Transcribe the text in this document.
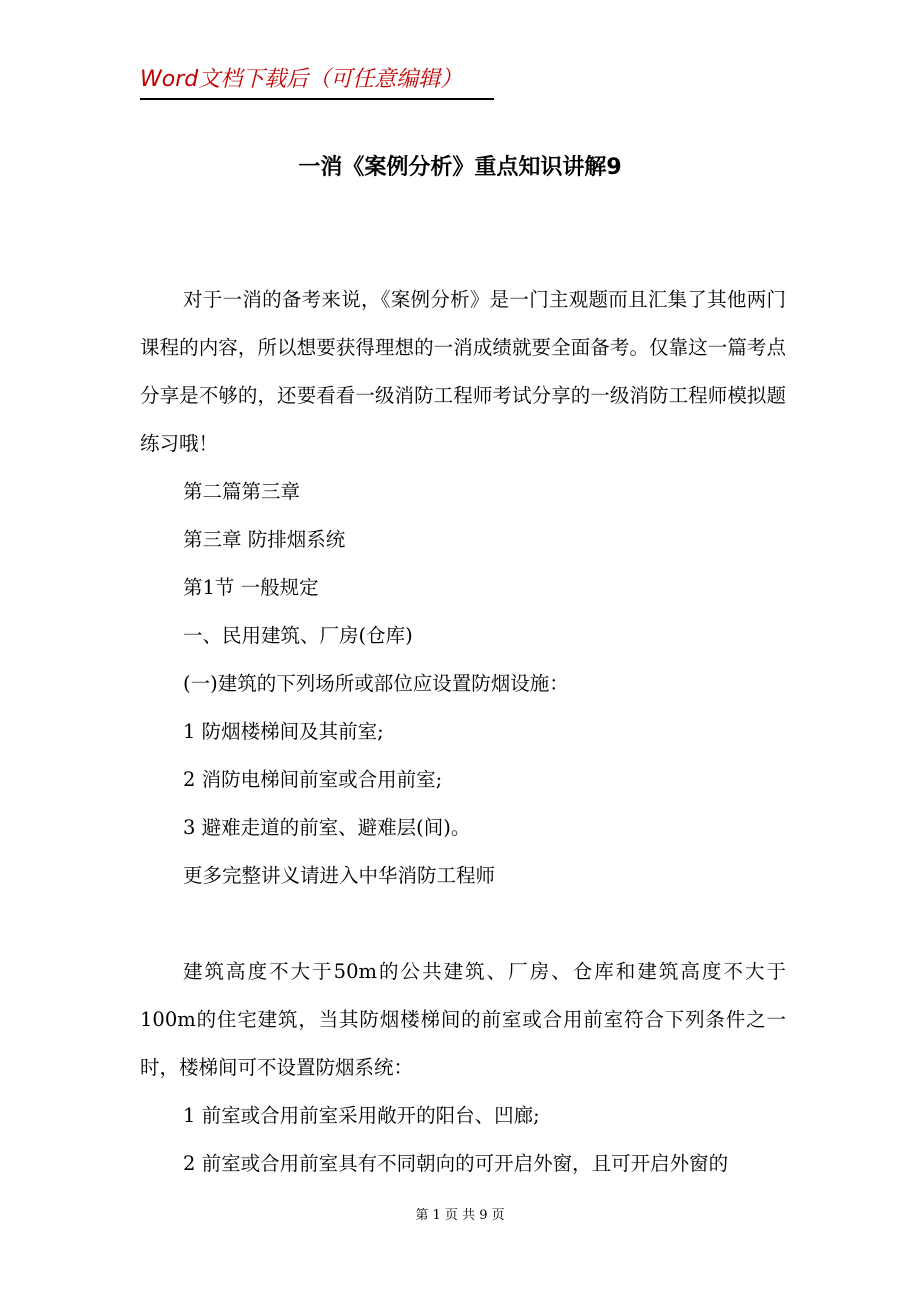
Word文档下载后（可任意编辑）
一消《案例分析》重点知识讲解9

对于一消的备考来说，《案例分析》是一门主观题而且汇集了其他两门课程的内容，所以想要获得理想的一消成绩就要全面备考。仅靠这一篇考点分享是不够的，还要看看一级消防工程师考试分享的一级消防工程师模拟题练习哦！

第二篇第三章

第三章 防排烟系统

第1节 一般规定

一、民用建筑、厂房(仓库)

(一)建筑的下列场所或部位应设置防烟设施：

1 防烟楼梯间及其前室;

2 消防电梯间前室或合用前室;

3 避难走道的前室、避难层(间)。

更多完整讲义请进入中华消防工程师

建筑高度不大于50m的公共建筑、厂房、仓库和建筑高度不大于100m的住宅建筑，当其防烟楼梯间的前室或合用前室符合下列条件之一时，楼梯间可不设置防烟系统：

1 前室或合用前室采用敞开的阳台、凹廊;

2 前室或合用前室具有不同朝向的可开启外窗，且可开启外窗的

第 1 页 共 9 页
